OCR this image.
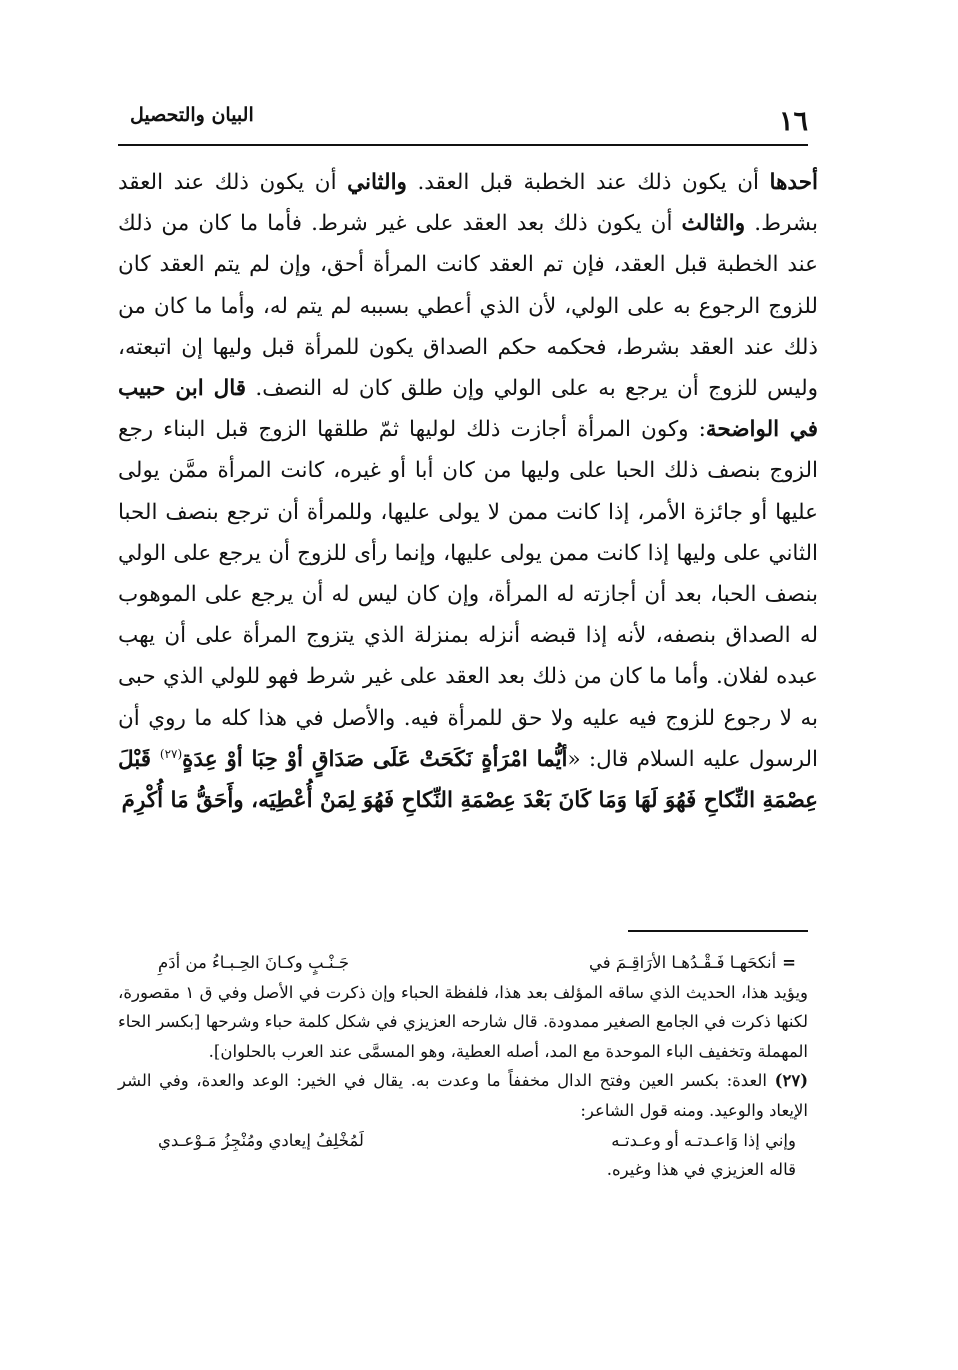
١٦
البيان والتحصيل

أحدها أن يكون ذلك عند الخطبة قبل العقد. والثاني أن يكون ذلك عند العقد بشرط. والثالث أن يكون ذلك بعد العقد على غير شرط. فأما ما كان من ذلك عند الخطبة قبل العقد، فإن تم العقد كانت المرأة أحق، وإن لم يتم العقد كان للزوج الرجوع به على الولي، لأن الذي أعطي بسببه لم يتم له، وأما ما كان من ذلك عند العقد بشرط، فحكمه حكم الصداق يكون للمرأة قبل وليها إن اتبعته، وليس للزوج أن يرجع به على الولي وإن طلق كان له النصف. قال ابن حبيب في الواضحة: وكون المرأة أجازت ذلك لوليها ثمّ طلقها الزوج قبل البناء رجع الزوج بنصف ذلك الحبا على وليها من كان أبا أو غيره، كانت المرأة ممَّن يولى عليها أو جائزة الأمر، إذا كانت ممن لا يولى عليها، وللمرأة أن ترجع بنصف الحبا الثاني على وليها إذا كانت ممن يولى عليها، وإنما رأى للزوج أن يرجع على الولي بنصف الحبا، بعد أن أجازته له المرأة، وإن كان ليس له أن يرجع على الموهوب له الصداق بنصفه، لأنه إذا قبضه أنزله بمنزلة الذي يتزوج المرأة على أن يهب عبده لفلان. وأما ما كان من ذلك بعد العقد على غير شرط فهو للولي الذي حبى به لا رجوع للزوج فيه عليه ولا حق للمرأة فيه. والأصل في هذا كله ما روي أن الرسول عليه السلام قال: «أيُّما امْرَأةٍ نَكَحَتْ عَلَى صَدَاقٍ أوْ حِبَا أوْ عِدَةٍ$^{(٢٧)}$ قَبْلَ عِصْمَةِ النِّكاحِ فَهُوَ لَهَا وَمَا كَانَ بَعْدَ عِصْمَةِ النِّكاحِ فَهُوَ لِمَنْ أُعْطِيَه، وأَحَقُّ مَا أُكْرِمَ

=أنكحَهـا فَـقْـدُهـا الأرَاقِـمَ في
جَـنْـبٍ وكـانَ الحِـبـاءُ من أدَمِ

ويؤيد هذا، الحديث الذي ساقه المؤلف بعد هذا، فلفظة الحباء وإن ذكرت في الأصل وفي ق ١ مقصورة، لكنها ذكرت في الجامع الصغير ممدودة. قال شارحه العزيزي في شكل كلمة حباء وشرحها [بكسر الحاء المهملة وتخفيف الباء الموحدة مع المد، أصله العطية، وهو المسمَّى عند العرب بالحلوان].

(٢٧) العدة: بكسر العين وفتح الدال مخففاً ما وعدت به. يقال في الخير: الوعد والعدة، وفي الشر الإيعاد والوعيد. ومنه قول الشاعر:

وإني إذا وَاعـدتـه أو وعـدتـه
لَمُخْلِفُ إيعادي ومُنْجِزُ مَـوْعـدي

قاله العزيزي في هذا وغيره.
